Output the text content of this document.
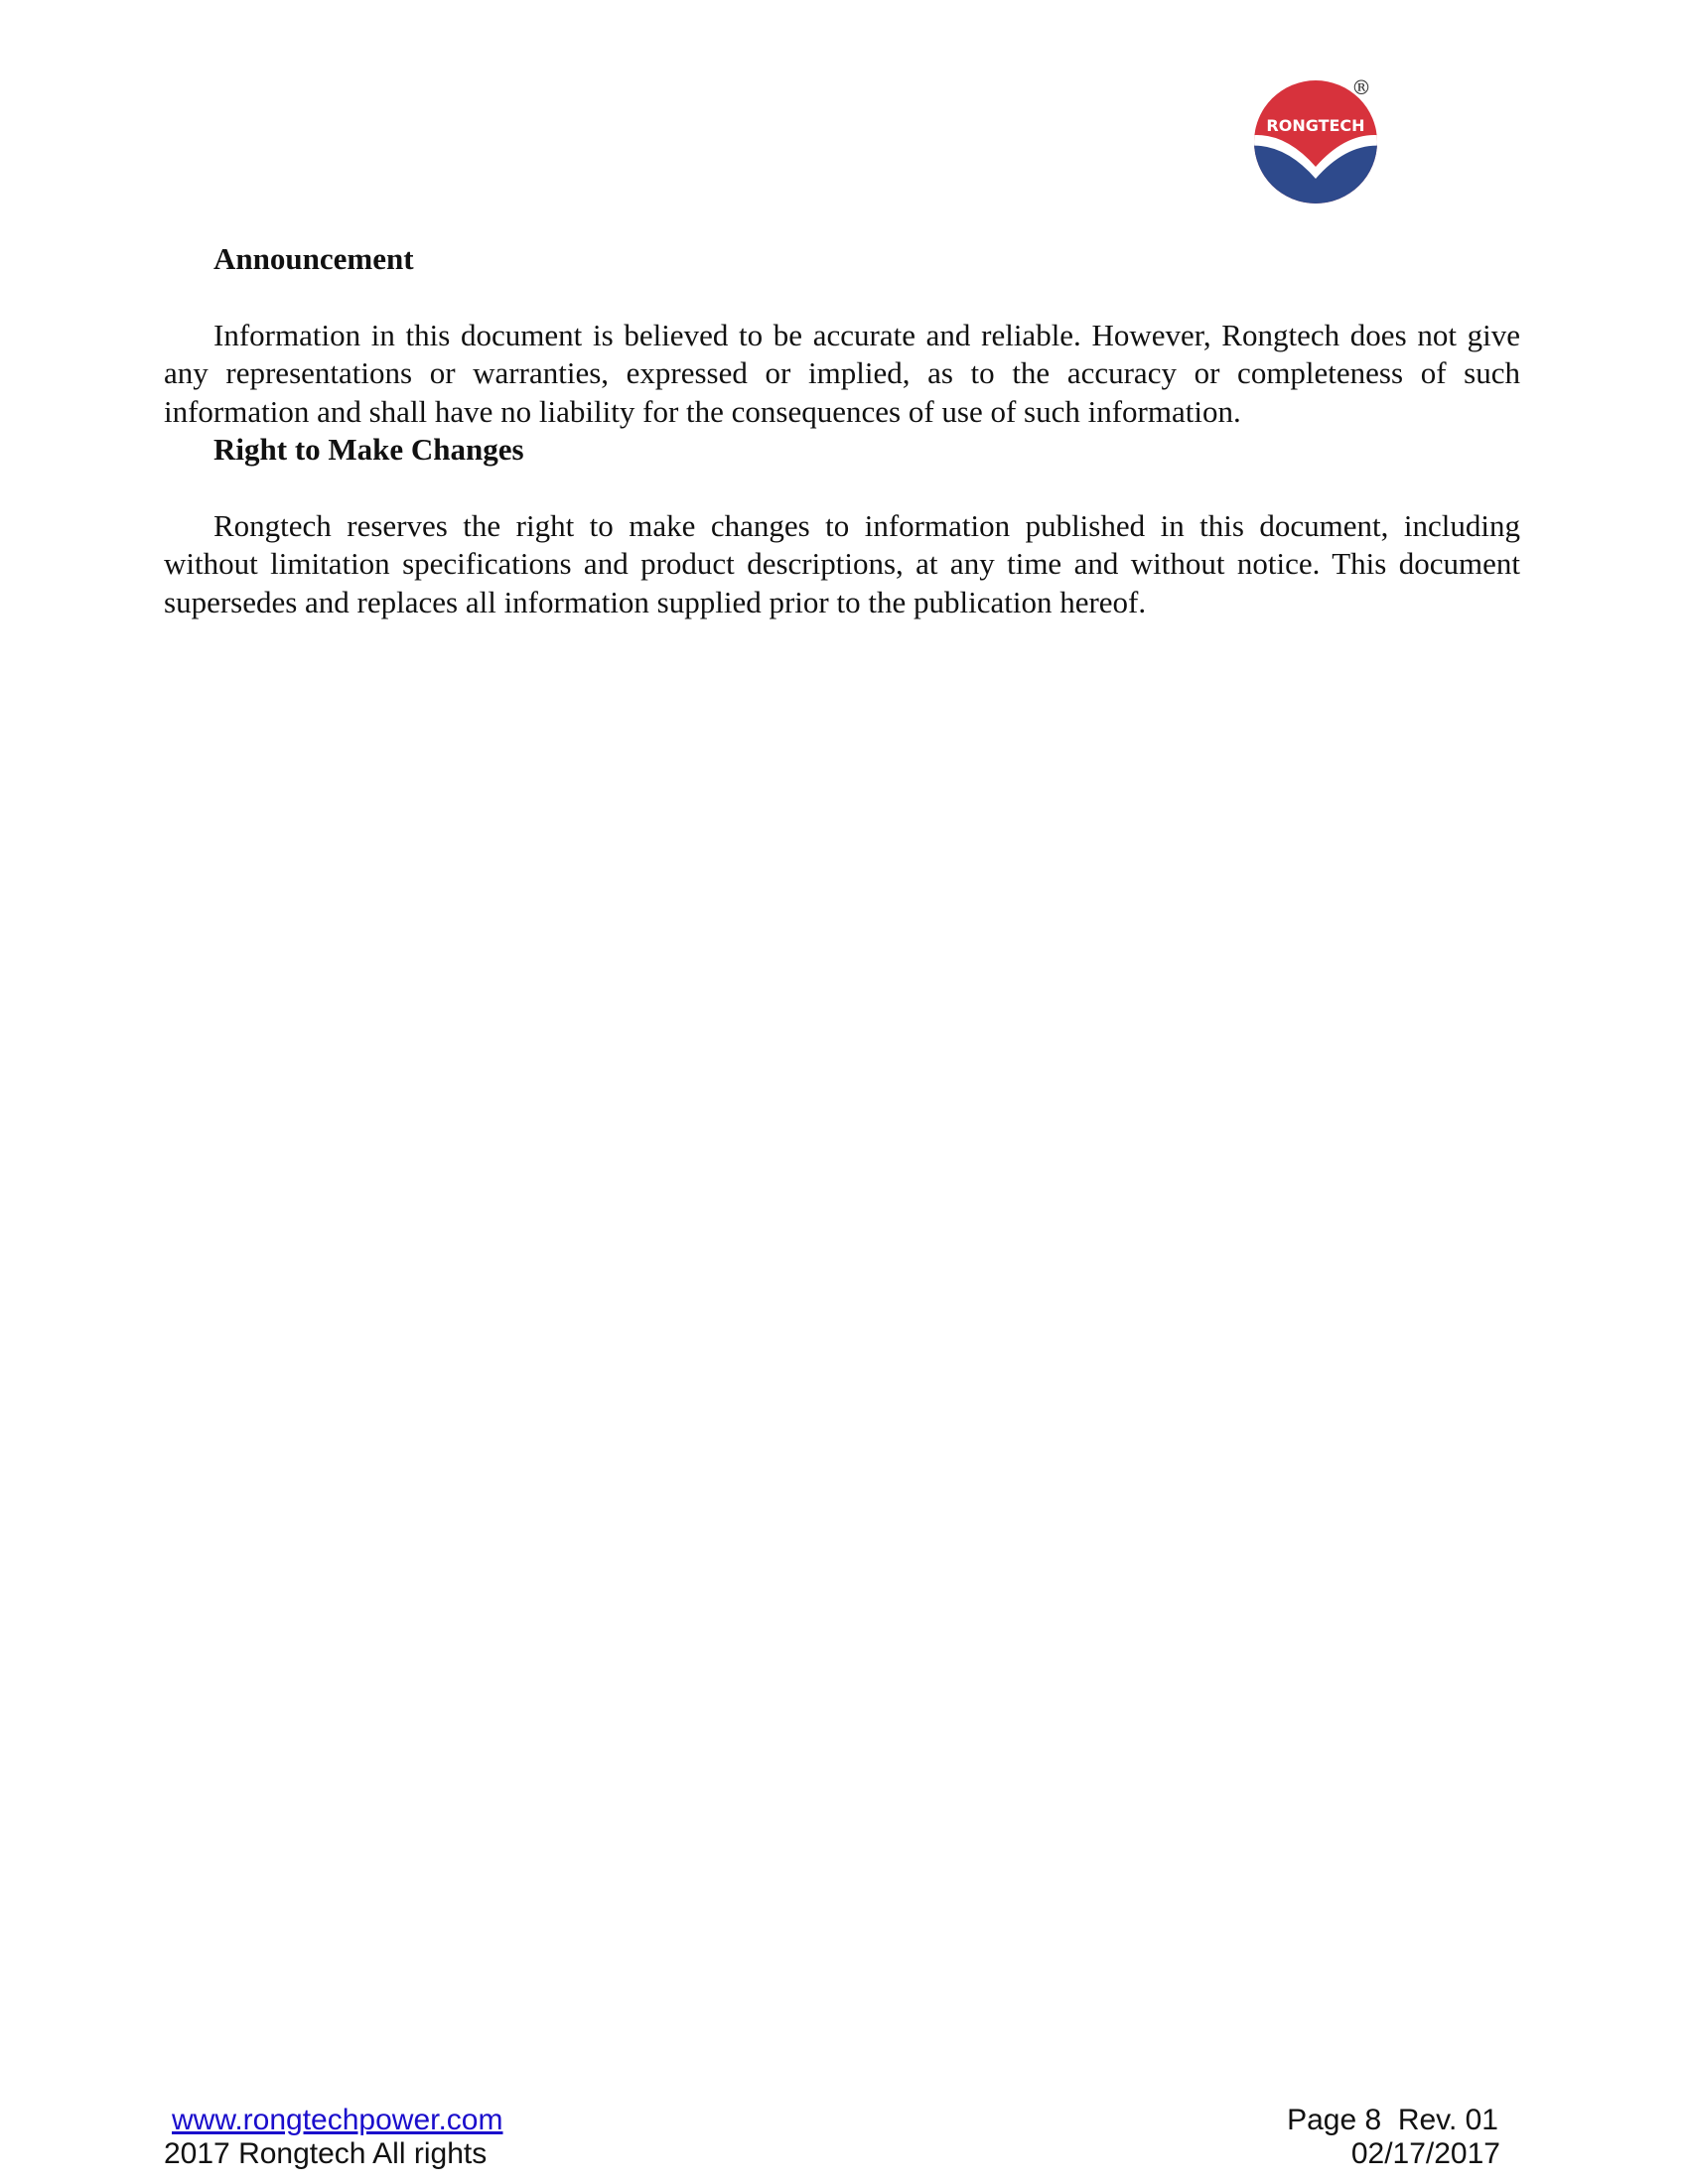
RONGTECH
®

Announcement

Information in this document is believed to be accurate and reliable. However, Rongtech does not give any representations or warranties, expressed or implied, as to the accuracy or completeness of such information and shall have no liability for the consequences of use of such information.

Right to Make Changes

Rongtech reserves the right to make changes to information published in this document, including without limitation specifications and product descriptions, at any time and without notice. This document supersedes and replaces all information supplied prior to the publication hereof.

www.rongtechpower.com
2017 Rongtech All rights
Page 8  Rev. 01
02/17/2017
